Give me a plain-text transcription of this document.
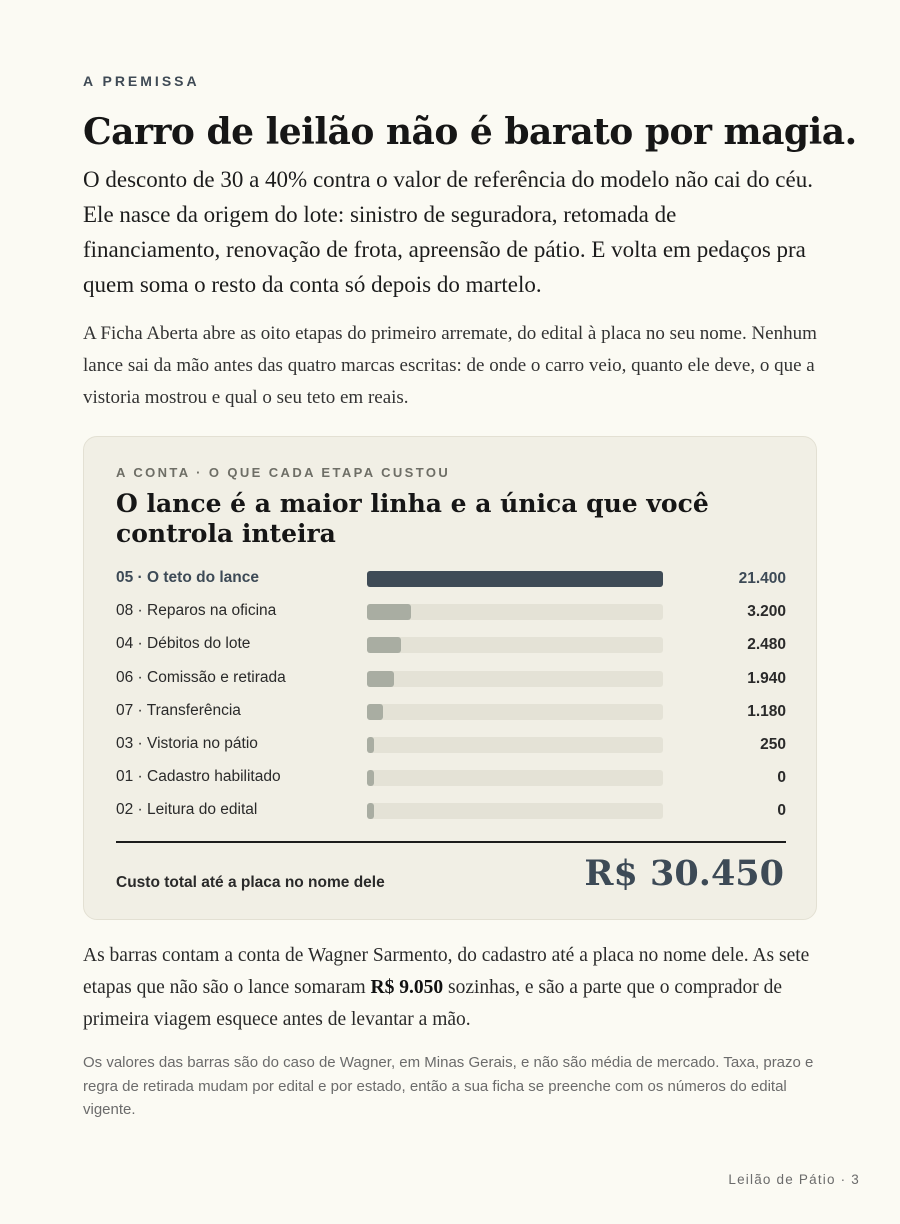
A PREMISSA
Carro de leilão não é barato por magia.

O desconto de 30 a 40% contra o valor de referência do modelo não cai do céu. Ele nasce da origem do lote: sinistro de seguradora, retomada de financiamento, renovação de frota, apreensão de pátio. E volta em pedaços pra quem soma o resto da conta só depois do martelo.

A Ficha Aberta abre as oito etapas do primeiro arremate, do edital à placa no seu nome. Nenhum lance sai da mão antes das quatro marcas escritas: de onde o carro veio, quanto ele deve, o que a vistoria mostrou e qual o seu teto em reais.

A CONTA · O QUE CADA ETAPA CUSTOU
O lance é a maior linha e a única que você controla inteira
05 · O teto do lance	21.400
08 · Reparos na oficina	3.200
04 · Débitos do lote	2.480
06 · Comissão e retirada	1.940
07 · Transferência	1.180
03 · Vistoria no pátio	250
01 · Cadastro habilitado	0
02 · Leitura do edital	0
Custo total até a placa no nome dele	R$ 30.450

As barras contam a conta de Wagner Sarmento, do cadastro até a placa no nome dele. As sete etapas que não são o lance somaram R$ 9.050 sozinhas, e são a parte que o comprador de primeira viagem esquece antes de levantar a mão.

Os valores das barras são do caso de Wagner, em Minas Gerais, e não são média de mercado. Taxa, prazo e regra de retirada mudam por edital e por estado, então a sua ficha se preenche com os números do edital vigente.

Leilão de Pátio · 3
